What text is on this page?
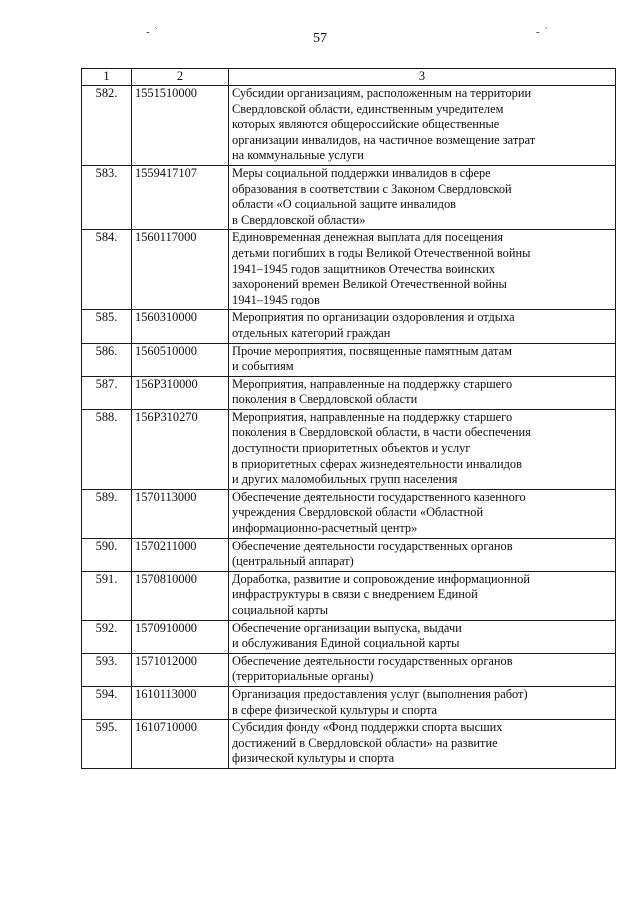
- `	- `
57
1	2	3
582.	1551510000	Субсидии организациям, расположенным на территории
Свердловской области, единственным учредителем
которых являются общероссийские общественные
организации инвалидов, на частичное возмещение затрат
на коммунальные услуги

583.	1559417107	Меры социальной поддержки инвалидов в сфере
образования в соответствии с Законом Свердловской
области «О социальной защите инвалидов
в Свердловской области»

584.	1560117000	Единовременная денежная выплата для посещения
детьми погибших в годы Великой Отечественной войны
1941–1945 годов защитников Отечества воинских
захоронений времен Великой Отечественной войны
1941–1945 годов

585.	1560310000	Мероприятия по организации оздоровления и отдыха
отдельных категорий граждан

586.	1560510000	Прочие мероприятия, посвященные памятным датам
и событиям

587.	156Р310000	Мероприятия, направленные на поддержку старшего
поколения в Свердловской области

588.	156Р310270	Мероприятия, направленные на поддержку старшего
поколения в Свердловской области, в части обеспечения
доступности приоритетных объектов и услуг
в приоритетных сферах жизнедеятельности инвалидов
и других маломобильных групп населения

589.	1570113000	Обеспечение деятельности государственного казенного
учреждения Свердловской области «Областной
информационно-расчетный центр»

590.	1570211000	Обеспечение деятельности государственных органов
(центральный аппарат)

591.	1570810000	Доработка, развитие и сопровождение информационной
инфраструктуры в связи с внедрением Единой
социальной карты

592.	1570910000	Обеспечение организации выпуска, выдачи
и обслуживания Единой социальной карты

593.	1571012000	Обеспечение деятельности государственных органов
(территориальные органы)

594.	1610113000	Организация предоставления услуг (выполнения работ)
в сфере физической культуры и спорта

595.	1610710000	Субсидия фонду «Фонд поддержки спорта высших
достижений в Свердловской области» на развитие
физической культуры и спорта
